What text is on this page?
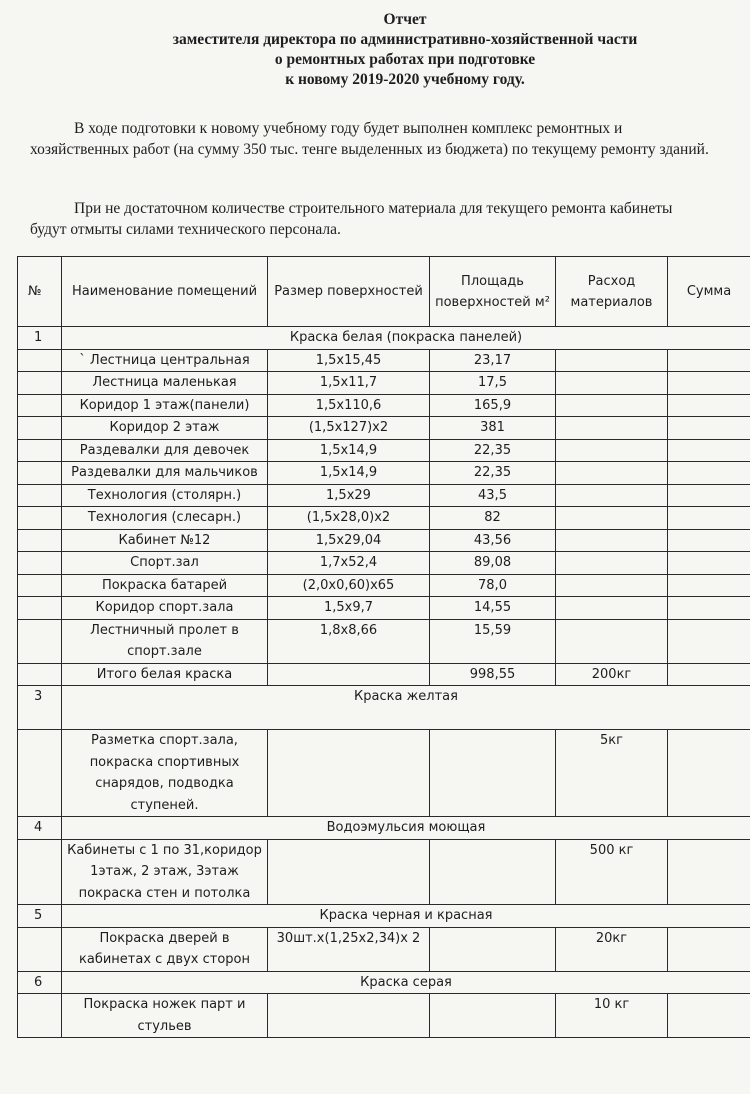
Отчет
заместителя директора по административно-хозяйственной части
о ремонтных работах при подготовке
к новому 2019-2020 учебному году.
В ходе подготовки к новому учебному году будет выполнен комплекс ремонтных и хозяйственных работ (на сумму 350 тыс. тенге выделенных из бюджета) по текущему ремонту зданий.
При не достаточном количестве строительного материала для текущего ремонта кабинеты будут отмыты силами технического персонала.
№	Наименование помещений	Размер поверхностей	Площадь поверхностей м²	Расход материалов	Сумма
1	Краска белая (покраска панелей)				
	` Лестница центральная	1,5х15,45	23,17		
	Лестница маленькая	1,5х11,7	17,5		
	Коридор 1 этаж(панели)	1,5х110,6	165,9		
	Коридор 2 этаж	(1,5х127)х2	381		
	Раздевалки для девочек	1,5х14,9	22,35		
	Раздевалки для мальчиков	1,5х14,9	22,35		
	Технология (столярн.)	1,5х29	43,5		
	Технология (слесарн.)	(1,5х28,0)х2	82		
	Кабинет №12	1,5х29,04	43,56		
	Спорт.зал	1,7х52,4	89,08		
	Покраска батарей	(2,0х0,60)х65	78,0		
	Коридор спорт.зала	1,5х9,7	14,55		
	Лестничный пролет в спорт.зале	1,8х8,66	15,59		
	Итого белая краска		998,55	200кг	
3	Краска желтая				

	Разметка спорт.зала, покраска спортивных снарядов, подводка ступеней.			5кг	
4	Водоэмульсия моющая				
	Кабинеты с 1 по 31,коридор 1этаж, 2 этаж, 3этаж покраска стен и потолка			500 кг	
5	Краска черная и красная				
	Покраска дверей в кабинетах с двух сторон	30шт.х(1,25х2,34)х 2		20кг	
6	Краска серая				
	Покраска ножек парт и стульев			10 кг	
